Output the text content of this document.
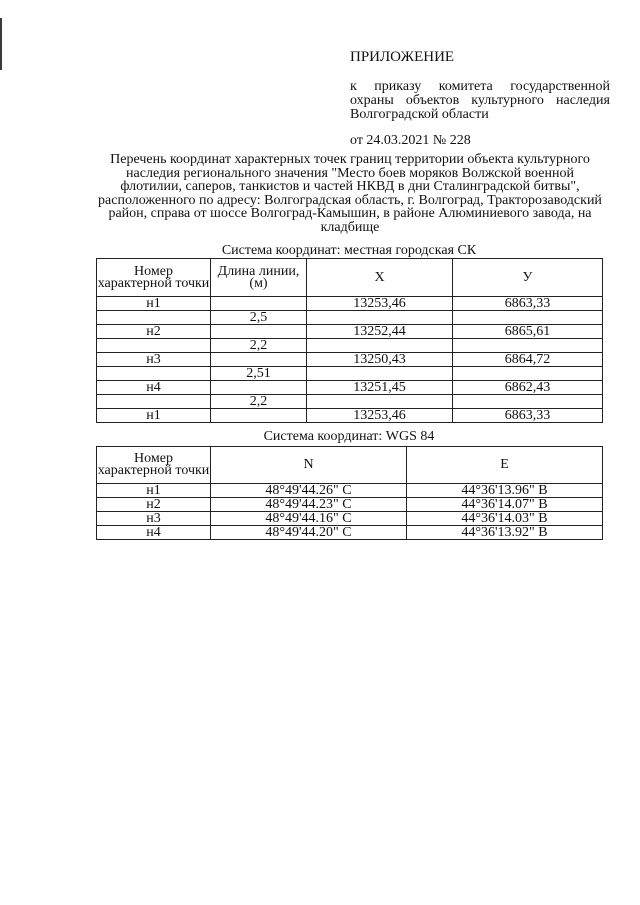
ПРИЛОЖЕНИЕ

к приказу комитета государственной охраны объектов культурного наследия Волгоградской области

от 24.03.2021 № 228

Перечень координат характерных точек границ территории объекта культурного наследия регионального значения "Место боев моряков Волжской военной флотилии, саперов, танкистов и частей НКВД в дни Сталинградской битвы", расположенного по адресу: Волгоградская область, г. Волгоград, Тракторозаводский район, справа от шоссе Волгоград-Камышин, в районе Алюминиевого завода, на кладбище

Система координат: местная городская СК

Номер характерной точки	Длина линии, (м)	X	У
н1		13253,46	6863,33
	2,5		
н2		13252,44	6865,61
	2,2		
н3		13250,43	6864,72
	2,51		
н4		13251,45	6862,43
	2,2		
н1		13253,46	6863,33

Система координат: WGS 84

Номер характерной точки	N	E
н1	48°49'44.26" С	44°36'13.96" В
н2	48°49'44.23" С	44°36'14.07" В
н3	48°49'44.16" С	44°36'14.03" В
н4	48°49'44.20" С	44°36'13.92" В
